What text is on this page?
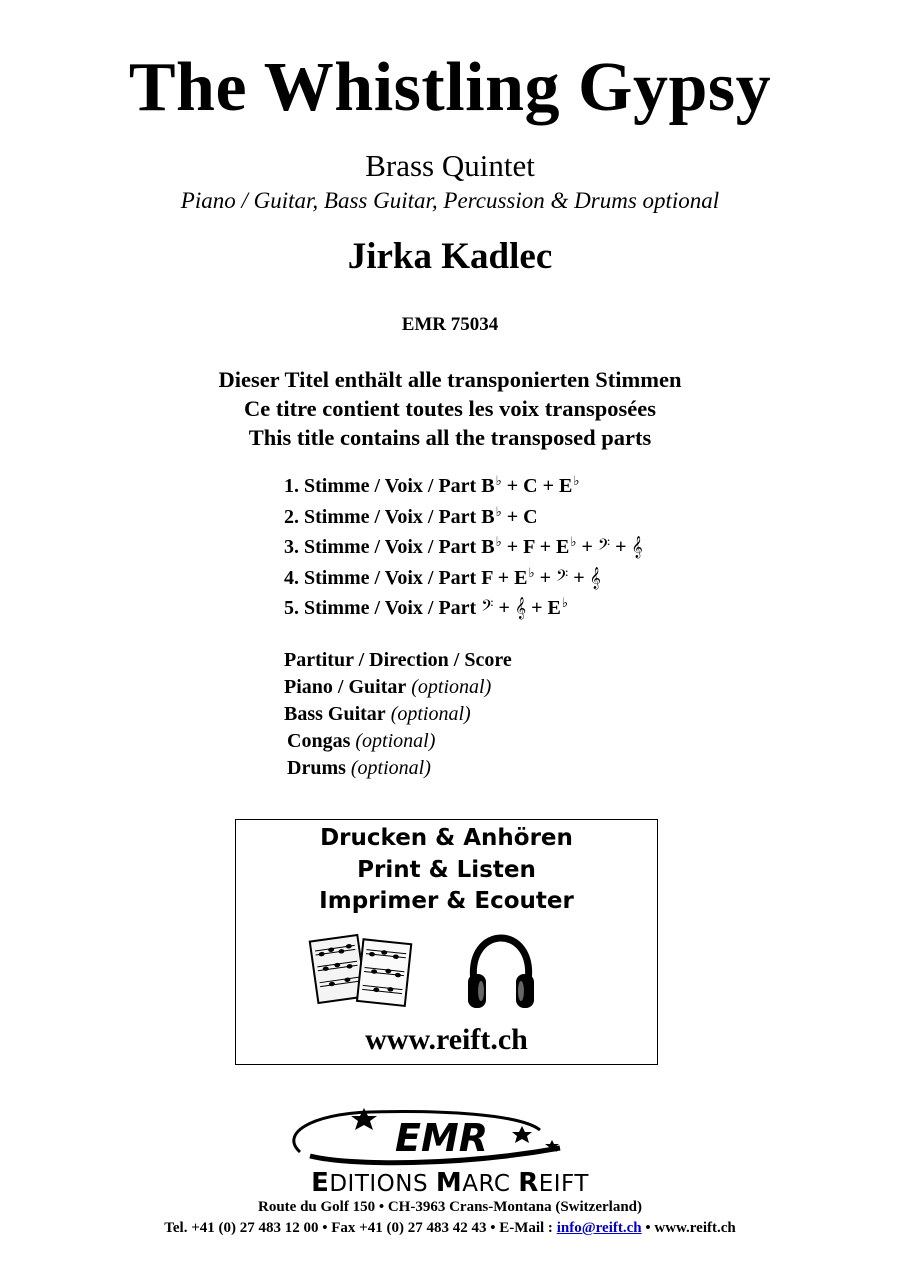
The Whistling Gypsy
Brass Quintet
Piano / Guitar, Bass Guitar, Percussion & Drums optional
Jirka Kadlec
EMR 75034
Dieser Titel enthält alle transponierten Stimmen
Ce titre contient toutes les voix transposées
This title contains all the transposed parts
1. Stimme / Voix / Part B♭ + C + E♭
2. Stimme / Voix / Part B♭ + C
3. Stimme / Voix / Part B♭ + F + E♭ + 𝄢 + 𝄞
4. Stimme / Voix / Part F + E♭ + 𝄢 + 𝄞
5. Stimme / Voix / Part 𝄢 + 𝄞 + E♭
Partitur / Direction / Score
Piano / Guitar (optional)
Bass Guitar (optional)
Congas (optional)
Drums (optional)
Drucken & Anhören
Print & Listen
Imprimer & Ecouter
www.reift.ch
EMR
EDITIONS MARC REIFT
Route du Golf 150 • CH-3963 Crans-Montana (Switzerland)
Tel. +41 (0) 27 483 12 00 • Fax +41 (0) 27 483 42 43 • E-Mail : info@reift.ch • www.reift.ch
